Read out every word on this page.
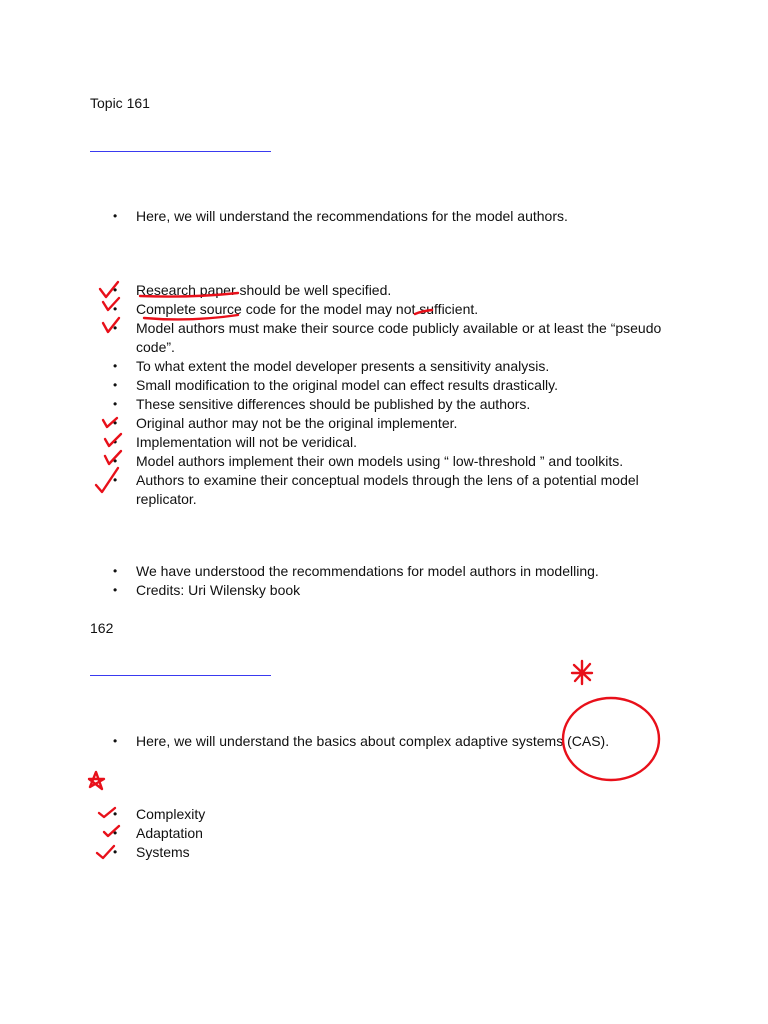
Topic 161
• Here, we will understand the recommendations for the model authors.
• Research paper should be well specified.
• Complete source code for the model may not sufficient.
• Model authors must make their source code publicly available or at least the “pseudo code”.
• To what extent the model developer presents a sensitivity analysis.
• Small modification to the original model can effect results drastically.
• These sensitive differences should be published by the authors.
• Original author may not be the original implementer.
• Implementation will not be veridical.
• Model authors implement their own models using “ low-threshold ” and toolkits.
• Authors to examine their conceptual models through the lens of a potential model replicator.
• We have understood the recommendations for model authors in modelling.
• Credits: Uri Wilensky book
162
• Here, we will understand the basics about complex adaptive systems (CAS).
• Complexity
• Adaptation
• Systems
